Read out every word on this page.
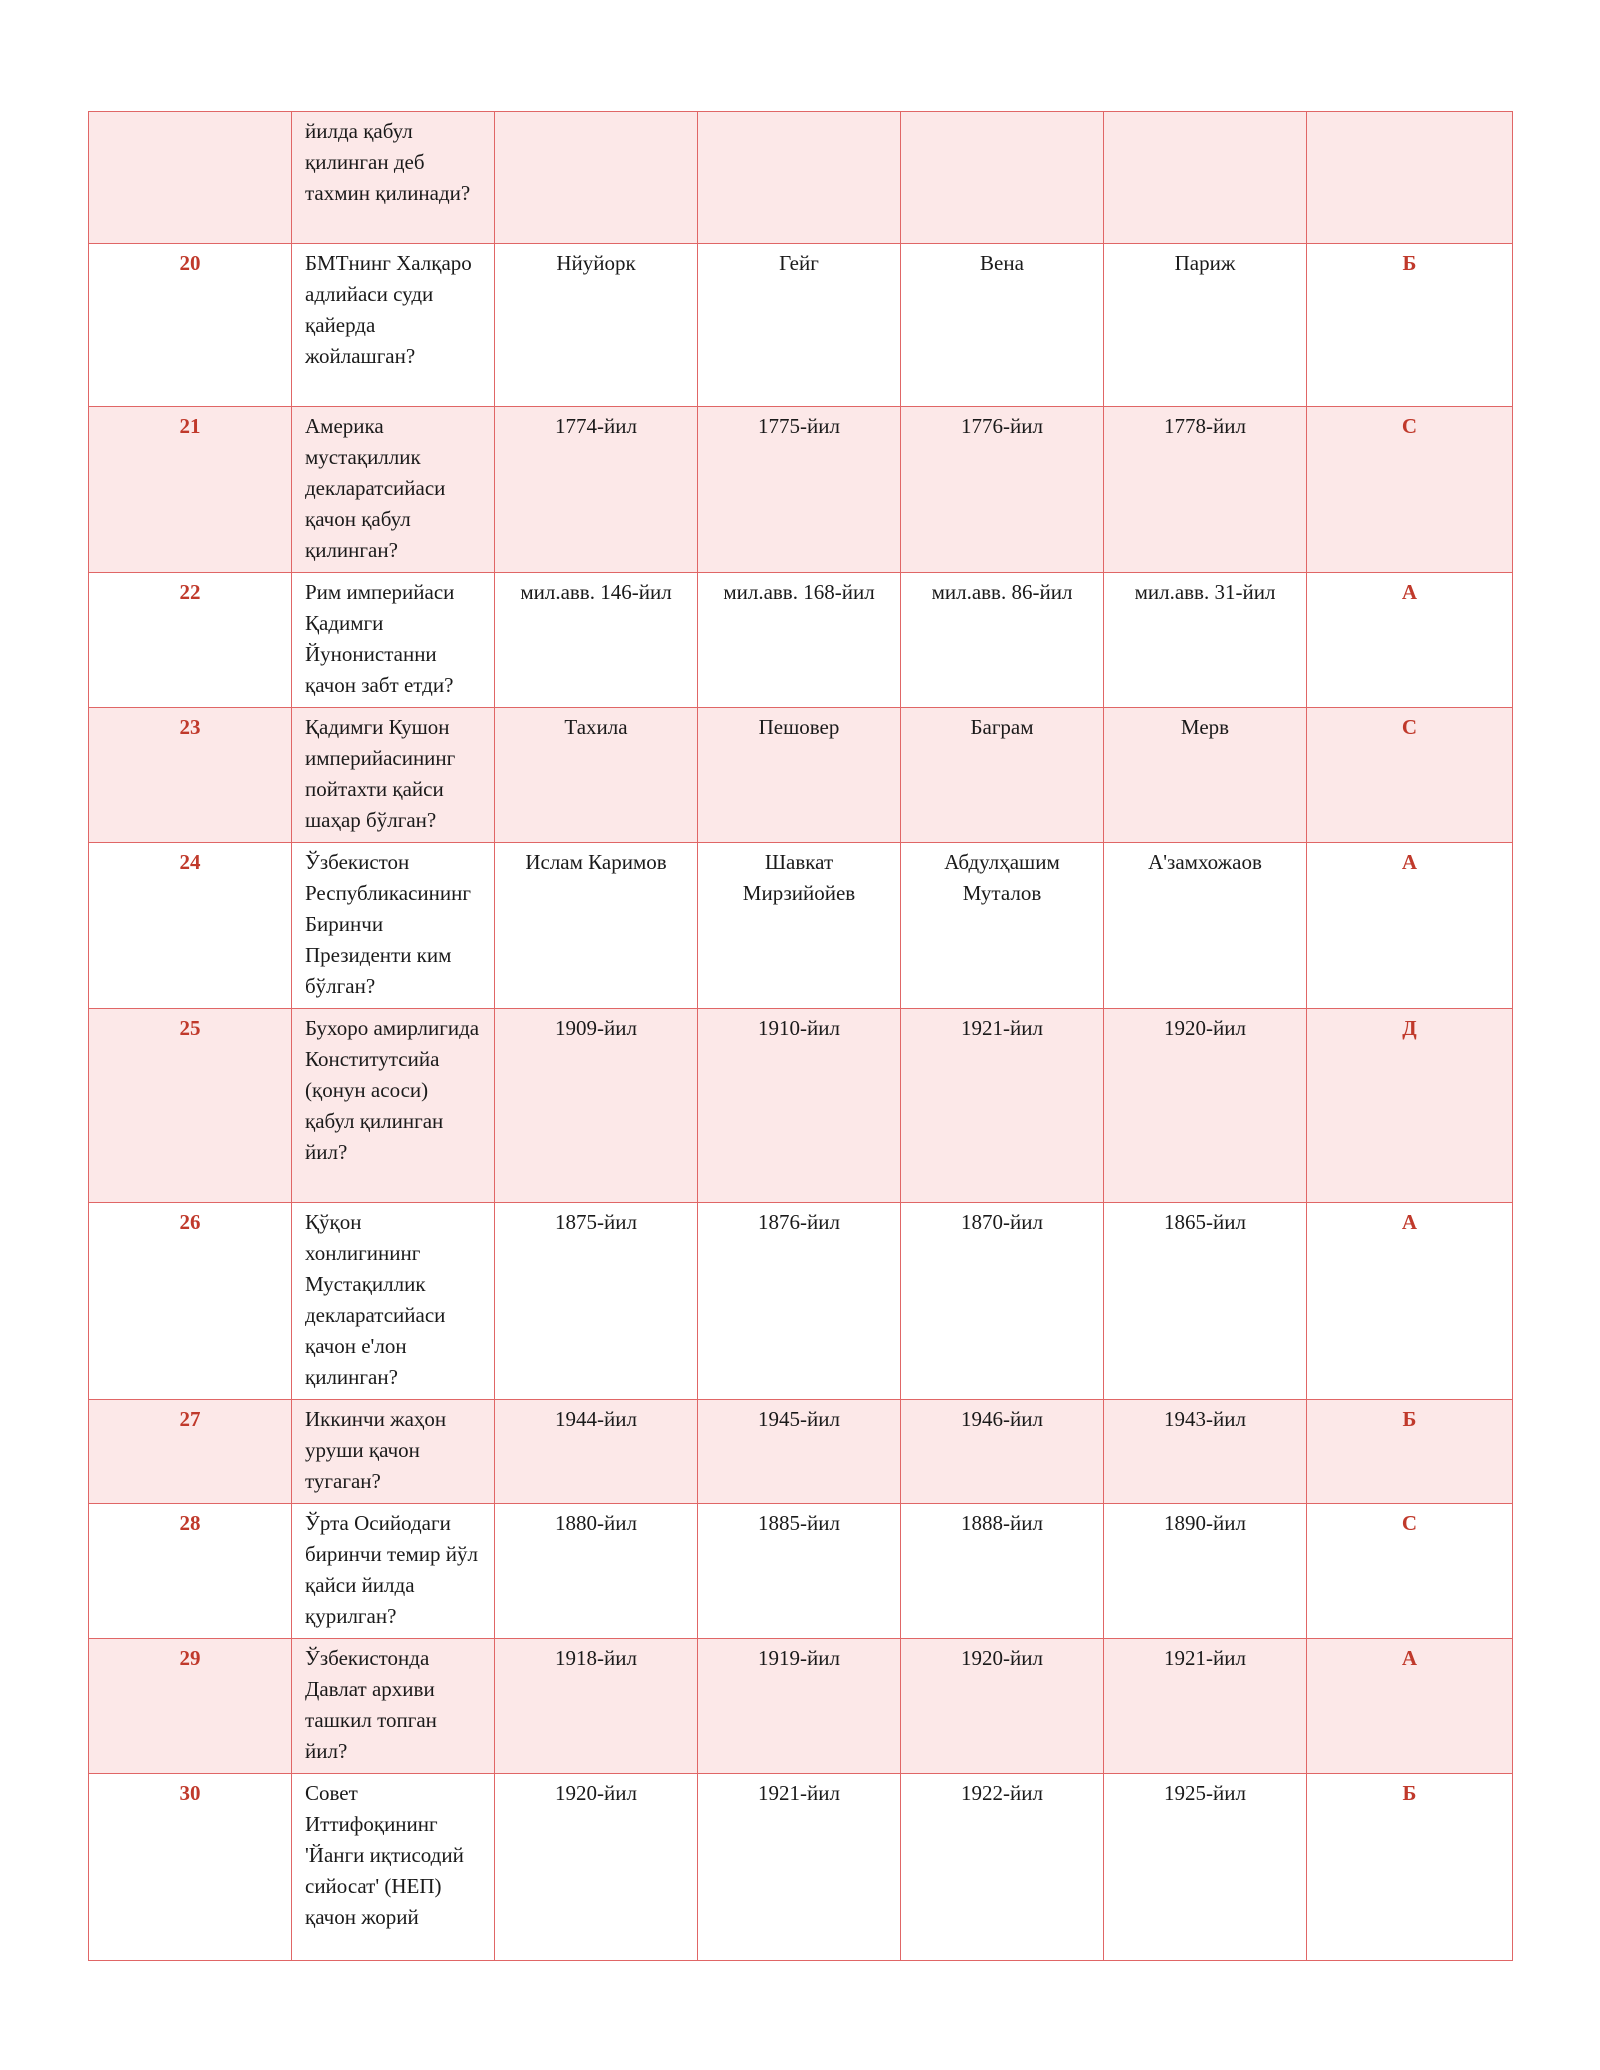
	йилда қабул қилинган деб тахмин қилинади?					
20	БМТнинг Халқаро адлийаси суди қайерда жойлашган?	Нйуйорк	Гейг	Вена	Париж	Б
21	Америка мустақиллик декларатсийаси қачон қабул қилинган?	1774-йил	1775-йил	1776-йил	1778-йил	С
22	Рим империйаси Қадимги Йунонистанни қачон забт етди?	мил.авв. 146-йил	мил.авв. 168-йил	мил.авв. 86-йил	мил.авв. 31-йил	А
23	Қадимги Кушон империйасининг пойтахти қайси шаҳар бўлган?	Тахила	Пешовер	Баграм	Мерв	С
24	Ўзбекистон Республикасининг Биринчи Президенти ким бўлган?	Ислам Каримов	Шавкат Мирзийойев	Абдулҳашим Муталов	А'замхожаов	А
25	Бухоро амирлигида Конститутсийа (қонун асоси) қабул қилинган йил?	1909-йил	1910-йил	1921-йил	1920-йил	Д
26	Қўқон хонлигининг Мустақиллик декларатсийаси қачон е'лон қилинган?	1875-йил	1876-йил	1870-йил	1865-йил	А
27	Иккинчи жаҳон уруши қачон тугаган?	1944-йил	1945-йил	1946-йил	1943-йил	Б
28	Ўрта Осийодаги биринчи темир йўл қайси йилда қурилган?	1880-йил	1885-йил	1888-йил	1890-йил	С
29	Ўзбекистонда Давлат архиви ташкил топган йил?	1918-йил	1919-йил	1920-йил	1921-йил	А
30	Совет Иттифоқининг 'Йанги иқтисодий сийосат' (НЕП) қачон жорий	1920-йил	1921-йил	1922-йил	1925-йил	Б
